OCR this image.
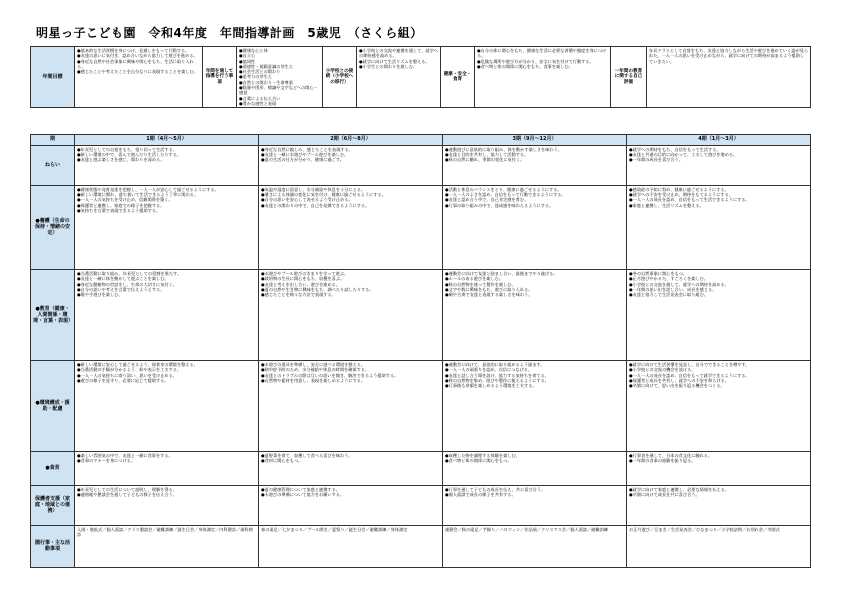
明星っ子こども園　令和4年度　年間指導計画　5歳児　（さくら組）
年間目標	
●基本的な生活習慣を身につけ、見通しをもって行動する。
●友達の思いに気付き、認め合いながら協力して遊びを進める。
●身近な自然や社会事象に興味や関心をもち、生活に取り入れる。
●感じたことや考えたことを自分なりに表現することを楽しむ。	年間を通して指導を行う事項	
●健康な心と体
●自立心
●協同性
●道徳性・規範意識の芽生え
●社会生活との関わり
●思考力の芽生え
●自然との関わり・生命尊重
●数量や図形、標識や文字などへの関心・感覚
●言葉による伝え合い
●豊かな感性と表現
	小学校との接続（小学校への移行）	
●小学校との交流や連携を通して、就学への期待感を高める。
●就学に向けて生活リズムを整える。
●小学生との関わりを楽しむ。
	健康・安全・食育	
●自分の体に関心をもち、健康な生活に必要な習慣や態度を身につける。
●危険な場所や遊び方が分かり、安全に気を付けて行動する。
●食べ物と体の関係に関心をもち、食事を楽しむ。
	一年間の教育に関する自己評価	
年長クラスとして自覚をもち、友達と協力しながら生活や遊びを進めていく姿が見られた。一人一人の思いを受け止めながら、就学に向けての期待が高まるよう援助していきたい。
期	1期（4月～5月）	2期（6月～8月）	3期（9月～12月）	4期（1月～3月）
ねらい	●年長児としての自覚をもち、張り切って生活する。
●新しい環境の中で、喜んで遊んだり生活したりする。
●友達と遊ぶ楽しさを感じ、関わりを深める。	●身近な自然に親しみ、感じたことを表現する。
●友達と一緒に水遊びやプール遊びを楽しむ。
●夏の生活の仕方が分かり、健康に過ごす。	●運動遊びに意欲的に取り組み、体を動かす楽しさを味わう。
●友達と目的を共有し、協力して活動する。
●秋の自然に触れ、季節の変化に気付く。	●就学への期待をもち、自信をもって生活する。
●友達と共通の目的に向かって、工夫して遊びを進める。
●一年間の成長を喜び合う。

●養護（生命の保持・情緒の安定）	●健康状態や発育発達を把握し、一人一人が安心して過ごせるようにする。
●新しい環境に慣れ、落ち着いて生活できるよう丁寧に関わる。
●一人一人の気持ちを受け止め、信頼関係を築く。
●保護者と連携し、家庭での様子を把握する。
●気持ちを言葉で表現できるよう援助する。	●気温や湿度に留意し、水分補給や休息を十分にとる。
●暑さによる体調の変化に気を付け、健康に過ごせるようにする。
●自分の思いを安心して表せるよう受け止める。
●友達との関わりの中で、自己を発揮できるようにする。	●活動と休息のバランスをとり、健康に過ごせるようにする。
●一人一人のよさを認め、自信をもって行動できるようにする。
●友達と認め合う中で、自己肯定感を育む。
●行事の取り組みの中で、達成感を味わえるようにする。	●感染症の予防に努め、健康に過ごせるようにする。
●就学への不安を受け止め、期待をもてるようにする。
●一人一人の成長を認め、自信をもって生活できるようにする。
●家庭と連携し、生活リズムを整える。

●教育（健康・人間関係・環境・言葉・表現）	●当番活動に取り組み、年長児としての役割を果たす。
●友達と一緒に体を動かして遊ぶことを楽しむ。
●身近な動植物の世話をし、生命の大切さに気付く。
●自分の思いや考えを言葉で伝えようとする。
●歌や手遊びを楽しむ。	●水遊びやプール遊びのきまりを守って遊ぶ。
●栽培物の生長に関心をもち、収穫を喜ぶ。
●友達と考えを出し合い、遊びを進める。
●夏の自然や生き物に興味をもち、調べたり試したりする。
●感じたことを様々な方法で表現する。	●運動会に向けて友達と励まし合い、最後までやり遂げる。
●ルールのある遊びを楽しむ。
●秋の自然物を使って製作を楽しむ。
●文字や数に興味をもち、遊びに取り入れる。
●劇や合奏で友達と表現する楽しさを味わう。	●冬の自然事象に関心をもつ。
●正月遊びやかるた、すごろくを楽しむ。
●小学校との交流を通して、就学への期待を高める。
●一年間の思い出を話し合い、成長を感じる。
●友達と協力して生活発表会に取り組む。

●環境構成・援助・配慮	●新しい環境に安心して過ごせるよう、保育室の環境を整える。
●当番活動の手順が分かるよう、絵や表示を工夫する。
●一人一人の気持ちに寄り添い、思いを受け止める。
●遊びの様子を見守り、必要に応じて援助する。	●水遊びの道具を準備し、安全に遊べる環境を整える。
●熱中症予防のため、水分補給や休息の時間を確保する。
●友達とのトラブルの際は互いの思いを聞き、解決できるよう援助する。
●自然物や素材を用意し、表現を楽しめるようにする。	●運動会に向けて、意欲的に取り組めるよう励ます。
●一人一人の頑張りを認め、自信につなげる。
●友達と話し合う場を設け、協力する気持ちを育てる。
●秋の自然物を集め、遊びや製作に使えるようにする。
●行事後も余韻を楽しめるよう環境を工夫する。	●就学に向けて生活習慣を見直し、自分でできることを増やす。
●小学校との交流の機会を設ける。
●一人一人の成長を認め、自信をもって就学できるようにする。
●保護者と成長を共有し、就学への不安を和らげる。
●卒園に向けて、思い出を振り返る機会をつくる。

●食育	●楽しい雰囲気の中で、友達と一緒に食事をする。
●食事のマナーを身につける。	●夏野菜を育て、収穫して食べる喜びを味わう。
●食材に関心をもつ。	●収穫した物を調理する体験を楽しむ。
●食べ物と体の関係に関心をもつ。	●行事食を通して、日本の食文化に触れる。
●一年間の食事の経験を振り返る。

保護者支援（家庭・地域との連携）	●年長児としての生活について説明し、理解を得る。
●連絡帳や懇談会を通して子どもの様子を伝え合う。	●夏の健康管理について家庭と連携する。
●水遊びの準備について協力をお願いする。	●行事を通して子どもの成長を伝え、共に喜び合う。
●個人面談で成長の様子を共有する。	●就学に向けて家庭と連携し、必要な情報を伝える。
●卒園に向けて成長を共に喜び合う。

園行事・主な活動事項	入園・進級式／個人面談／クラス懇談会／避難訓練／誕生日会／身体測定／内科健診／歯科検診	春の遠足／七夕まつり／プール開き／夏祭り／誕生日会／避難訓練／身体測定	運動会／秋の遠足／芋掘り／ハロウィン／作品展／クリスマス会／個人面談／避難訓練	お正月遊び／豆まき／生活発表会／ひなまつり／小学校訪問／お別れ会／卒園式
